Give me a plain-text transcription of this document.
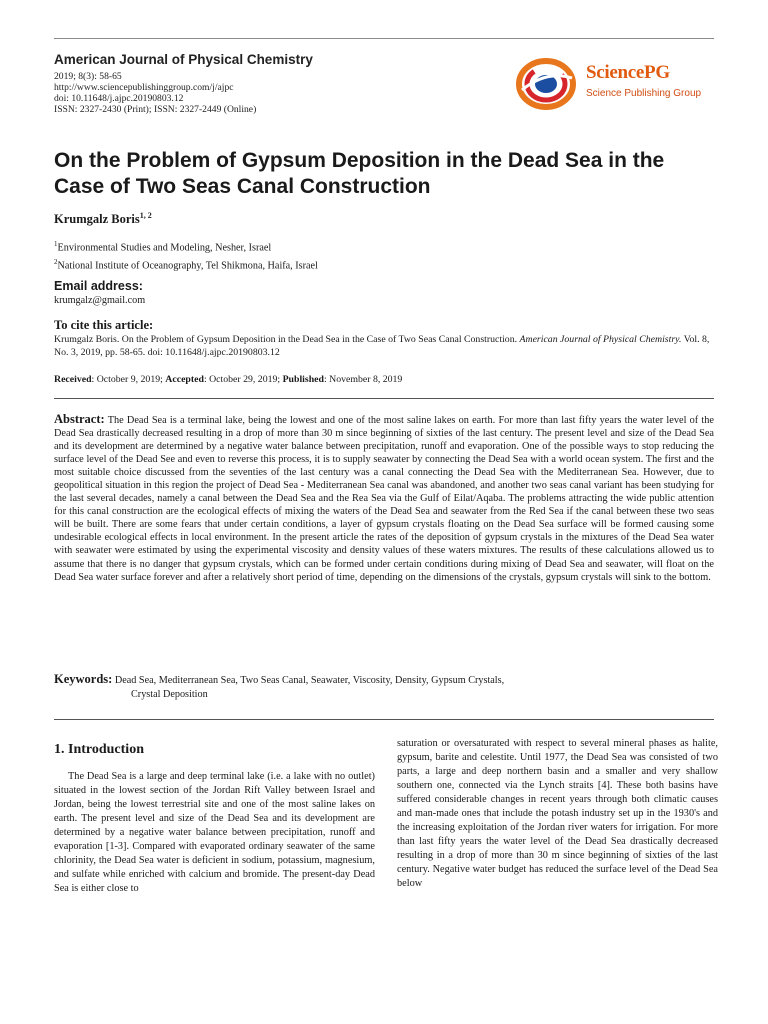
American Journal of Physical Chemistry
2019; 8(3): 58-65
http://www.sciencepublishinggroup.com/j/ajpc
doi: 10.11648/j.ajpc.20190803.12
ISSN: 2327-2430 (Print); ISSN: 2327-2449 (Online)
SciencePG
Science Publishing Group
On the Problem of Gypsum Deposition in the Dead Sea in the Case of Two Seas Canal Construction
Krumgalz Boris$^{1, 2}$
$^1$Environmental Studies and Modeling, Nesher, Israel
$^2$National Institute of Oceanography, Tel Shikmona, Haifa, Israel
Email address:
krumgalz@gmail.com
To cite this article:
Krumgalz Boris. On the Problem of Gypsum Deposition in the Dead Sea in the Case of Two Seas Canal Construction. American Journal of Physical Chemistry. Vol. 8, No. 3, 2019, pp. 58-65. doi: 10.11648/j.ajpc.20190803.12
Received: October 9, 2019; Accepted: October 29, 2019; Published: November 8, 2019
Abstract: The Dead Sea is a terminal lake, being the lowest and one of the most saline lakes on earth. For more than last fifty years the water level of the Dead Sea drastically decreased resulting in a drop of more than 30 m since beginning of sixties of the last century. The present level and size of the Dead Sea and its development are determined by a negative water balance between precipitation, runoff and evaporation. One of the possible ways to stop reducing the surface level of the Dead See and even to reverse this process, it is to supply seawater by connecting the Dead Sea with a world ocean system. The first and the most suitable choice discussed from the seventies of the last century was a canal connecting the Dead Sea with the Mediterranean Sea. However, due to geopolitical situation in this region the project of Dead Sea - Mediterranean Sea canal was abandoned, and another two seas canal variant has been studying for the last several decades, namely a canal between the Dead Sea and the Rea Sea via the Gulf of Eilat/Aqaba. The problems attracting the wide public attention for this canal construction are the ecological effects of mixing the waters of the Dead Sea and seawater from the Red Sea if the canal between these two seas will be built. There are some fears that under certain conditions, a layer of gypsum crystals floating on the Dead Sea surface will be formed causing some undesirable ecological effects in local environment. In the present article the rates of the deposition of gypsum crystals in the mixtures of the Dead Sea water with seawater were estimated by using the experimental viscosity and density values of these waters mixtures. The results of these calculations allowed us to assume that there is no danger that gypsum crystals, which can be formed under certain conditions during mixing of Dead Sea and seawater, will float on the Dead Sea water surface forever and after a relatively short period of time, depending on the dimensions of the crystals, gypsum crystals will sink to the bottom.
Keywords: Dead Sea, Mediterranean Sea, Two Seas Canal, Seawater, Viscosity, Density, Gypsum Crystals,
Crystal Deposition
1. Introduction
The Dead Sea is a large and deep terminal lake (i.e. a lake with no outlet) situated in the lowest section of the Jordan Rift Valley between Israel and Jordan, being the lowest terrestrial site and one of the most saline lakes on earth. The present level and size of the Dead Sea and its development are determined by a negative water balance between precipitation, runoff and evaporation [1-3]. Compared with evaporated ordinary seawater of the same chlorinity, the Dead Sea water is deficient in sodium, potassium, magnesium, and sulfate while enriched with calcium and bromide. The present-day Dead Sea is either close to
saturation or oversaturated with respect to several mineral phases as halite, gypsum, barite and celestite. Until 1977, the Dead Sea was consisted of two parts, a large and deep northern basin and a smaller and very shallow southern one, connected via the Lynch straits [4]. These both basins have suffered considerable changes in recent years through both climatic causes and man-made ones that include the potash industry set up in the 1930's and the increasing exploitation of the Jordan river waters for irrigation. For more than last fifty years the water level of the Dead Sea drastically decreased resulting in a drop of more than 30 m since beginning of sixties of the last century. Negative water budget has reduced the surface level of the Dead Sea below
